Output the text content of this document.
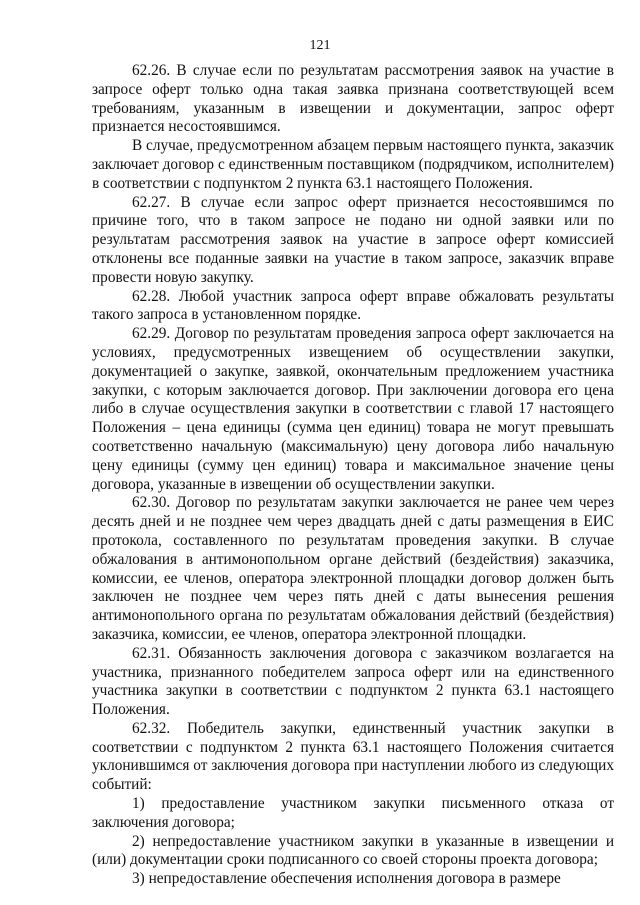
121

62.26. В случае если по результатам рассмотрения заявок на участие в запросе оферт только одна такая заявка признана соответствующей всем требованиям, указанным в извещении и документации, запрос оферт признается несостоявшимся.

В случае, предусмотренном абзацем первым настоящего пункта, заказчик заключает договор с единственным поставщиком (подрядчиком, исполнителем) в соответствии с подпунктом 2 пункта 63.1 настоящего Положения.

62.27. В случае если запрос оферт признается несостоявшимся по причине того, что в таком запросе не подано ни одной заявки или по результатам рассмотрения заявок на участие в запросе оферт комиссией отклонены все поданные заявки на участие в таком запросе, заказчик вправе провести новую закупку.

62.28. Любой участник запроса оферт вправе обжаловать результаты такого запроса в установленном порядке.

62.29. Договор по результатам проведения запроса оферт заключается на условиях, предусмотренных извещением об осуществлении закупки, документацией о закупке, заявкой, окончательным предложением участника закупки, с которым заключается договор. При заключении договора его цена либо в случае осуществления закупки в соответствии с главой 17 настоящего Положения – цена единицы (сумма цен единиц) товара не могут превышать соответственно начальную (максимальную) цену договора либо начальную цену единицы (сумму цен единиц) товара и максимальное значение цены договора, указанные в извещении об осуществлении закупки.

62.30. Договор по результатам закупки заключается не ранее чем через десять дней и не позднее чем через двадцать дней с даты размещения в ЕИС протокола, составленного по результатам проведения закупки. В случае обжалования в антимонопольном органе действий (бездействия) заказчика, комиссии, ее членов, оператора электронной площадки договор должен быть заключен не позднее чем через пять дней с даты вынесения решения антимонопольного органа по результатам обжалования действий (бездействия) заказчика, комиссии, ее членов, оператора электронной площадки.

62.31. Обязанность заключения договора с заказчиком возлагается на участника, признанного победителем запроса оферт или на единственного участника закупки в соответствии с подпунктом 2 пункта 63.1 настоящего Положения.

62.32. Победитель закупки, единственный участник закупки в соответствии с подпунктом 2 пункта 63.1 настоящего Положения считается уклонившимся от заключения договора при наступлении любого из следующих событий:

1) предоставление участником закупки письменного отказа от заключения договора;

2) непредоставление участником закупки в указанные в извещении и (или) документации сроки подписанного со своей стороны проекта договора;

3) непредоставление обеспечения исполнения договора в размере
